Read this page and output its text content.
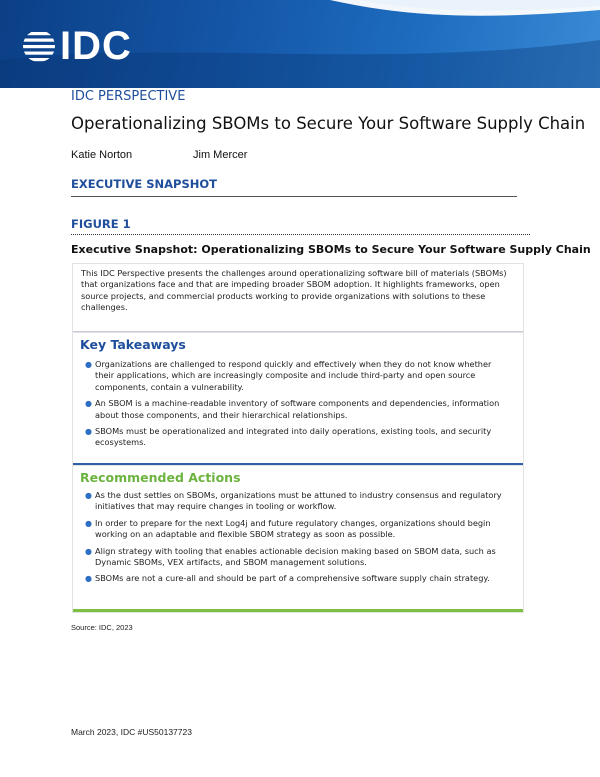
IDC
IDC PERSPECTIVE
Operationalizing SBOMs to Secure Your Software Supply Chain
Katie Norton	Jim Mercer
EXECUTIVE SNAPSHOT
FIGURE 1
Executive Snapshot: Operationalizing SBOMs to Secure Your Software Supply Chain
This IDC Perspective presents the challenges around operationalizing software bill of materials (SBOMs) that organizations face and that are impeding broader SBOM adoption. It highlights frameworks, open source projects, and commercial products working to provide organizations with solutions to these challenges.
Key Takeaways
● Organizations are challenged to respond quickly and effectively when they do not know whether their applications, which are increasingly composite and include third-party and open source components, contain a vulnerability.
● An SBOM is a machine-readable inventory of software components and dependencies, information about those components, and their hierarchical relationships.
● SBOMs must be operationalized and integrated into daily operations, existing tools, and security ecosystems.
Recommended Actions
● As the dust settles on SBOMs, organizations must be attuned to industry consensus and regulatory initiatives that may require changes in tooling or workflow.
● In order to prepare for the next Log4j and future regulatory changes, organizations should begin working on an adaptable and flexible SBOM strategy as soon as possible.
● Align strategy with tooling that enables actionable decision making based on SBOM data, such as Dynamic SBOMs, VEX artifacts, and SBOM management solutions.
● SBOMs are not a cure-all and should be part of a comprehensive software supply chain strategy.
Source: IDC, 2023
March 2023, IDC #US50137723
